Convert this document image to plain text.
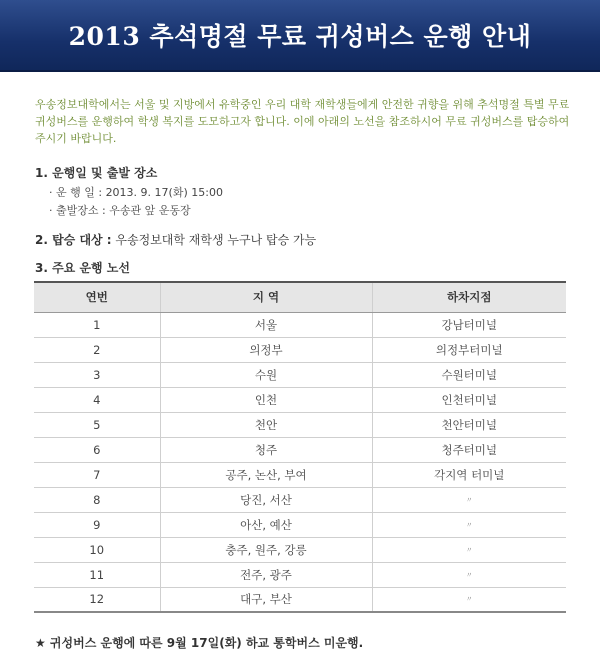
2013 추석명절 무료 귀성버스 운행 안내

우송정보대학에서는 서울 및 지방에서 유학중인 우리 대학 재학생들에게 안전한 귀향을 위해 추석명절 특별 무료 귀성버스를 운행하여 학생 복지를 도모하고자 합니다. 이에 아래의 노선을 참조하시어 무료 귀성버스를 탑승하여 주시기 바랍니다.

1. 운행일 및 출발 장소
· 운 행 일 : 2013. 9. 17(화) 15:00
· 출발장소 : 우송관 앞 운동장
2. 탑승 대상 : 우송정보대학 재학생 누구나 탑승 가능
3. 주요 운행 노선
연번	지 역	하차지점
1	서울	강남터미널
2	의정부	의정부터미널
3	수원	수원터미널
4	인천	인천터미널
5	천안	천안터미널
6	청주	청주터미널
7	공주, 논산, 부여	각지역 터미널
8	당진, 서산	〃
9	아산, 예산	〃
10	충주, 원주, 강릉	〃
11	전주, 광주	〃
12	대구, 부산	〃
★ 귀성버스 운행에 따른 9월 17일(화) 하교 통학버스 미운행.
